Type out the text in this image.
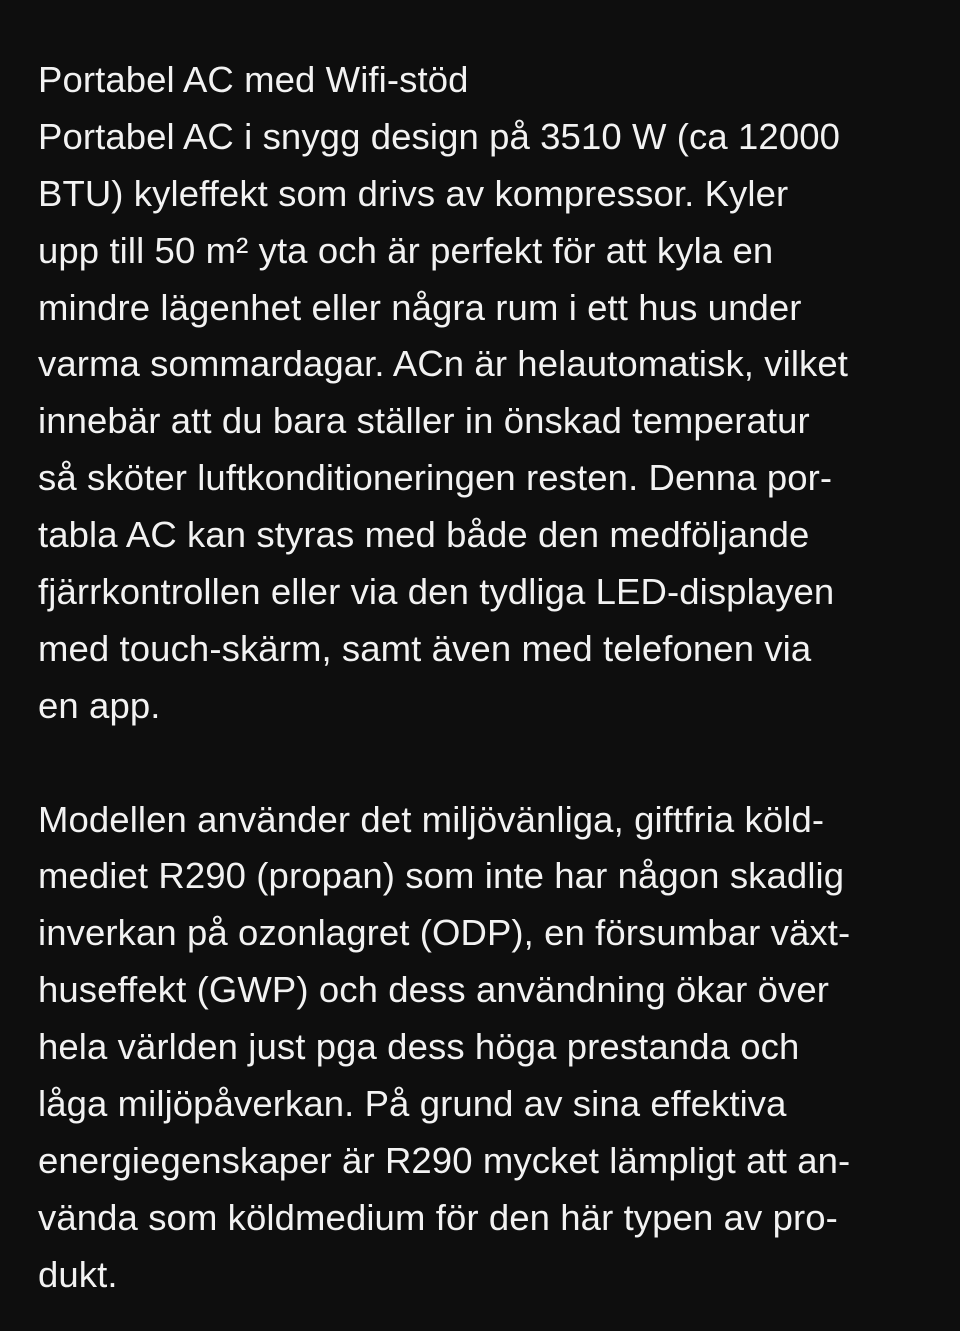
Portabel AC med Wifi-stöd
Portabel AC i snygg design på 3510 W (ca 12000
BTU) kyleffekt som drivs av kompressor. Kyler
upp till 50 m² yta och är perfekt för att kyla en
mindre lägenhet eller några rum i ett hus under
varma sommardagar. ACn är helautomatisk, vilket
innebär att du bara ställer in önskad temperatur
så sköter luftkonditioneringen resten. Denna por-
tabla AC kan styras med både den medföljande
fjärrkontrollen eller via den tydliga LED-displayen
med touch-skärm, samt även med telefonen via
en app.
Modellen använder det miljövänliga, giftfria köld-
mediet R290 (propan) som inte har någon skadlig
inverkan på ozonlagret (ODP), en försumbar växt-
huseffekt (GWP) och dess användning ökar över
hela världen just pga dess höga prestanda och
låga miljöpåverkan. På grund av sina effektiva
energiegenskaper är R290 mycket lämpligt att an-
vända som köldmedium för den här typen av pro-
dukt.
